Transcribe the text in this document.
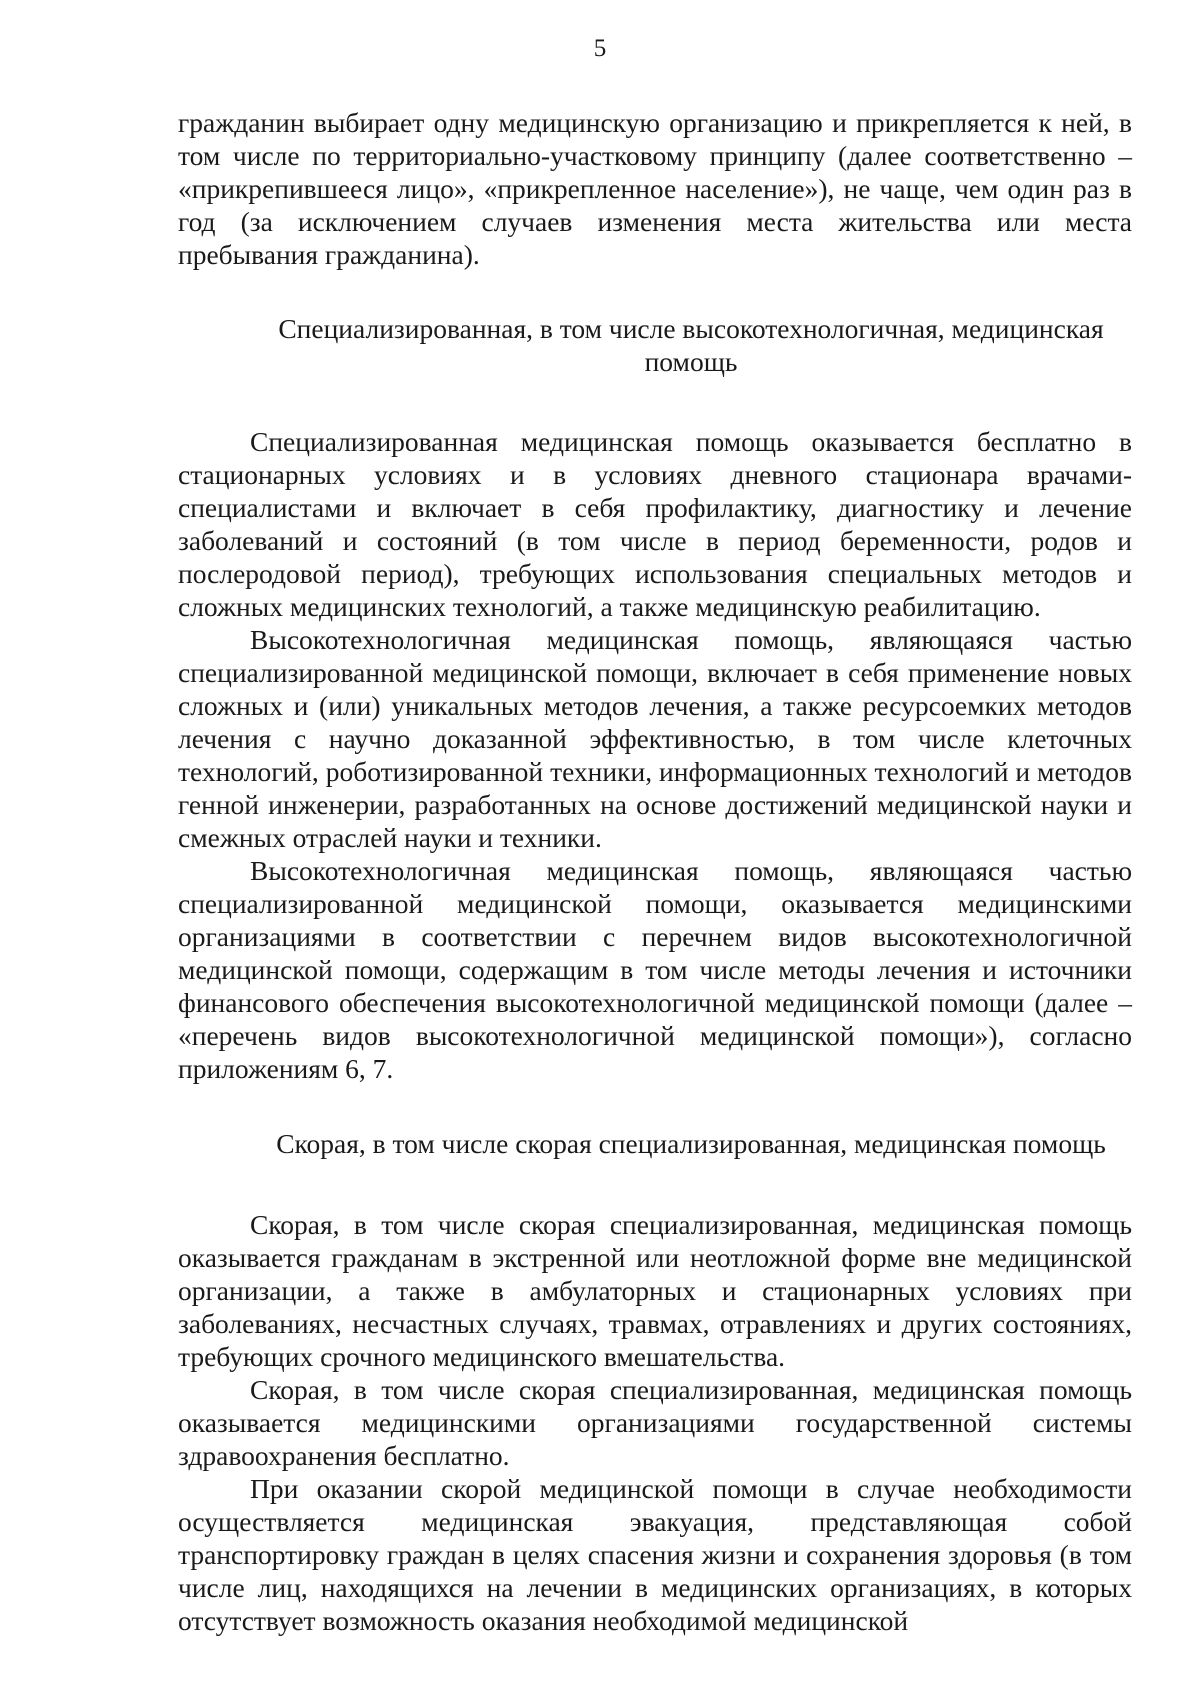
5

гражданин выбирает одну медицинскую организацию и прикрепляется к ней, в том числе по территориально-участковому принципу (далее соответственно – «прикрепившееся лицо», «прикрепленное население»), не чаще, чем один раз в год (за исключением случаев изменения места жительства или места пребывания гражданина).

Специализированная, в том числе высокотехнологичная, медицинская помощь

Специализированная медицинская помощь оказывается бесплатно в стационарных условиях и в условиях дневного стационара врачами-специалистами и включает в себя профилактику, диагностику и лечение заболеваний и состояний (в том числе в период беременности, родов и послеродовой период), требующих использования специальных методов и сложных медицинских технологий, а также медицинскую реабилитацию.

Высокотехнологичная медицинская помощь, являющаяся частью специализированной медицинской помощи, включает в себя применение новых сложных и (или) уникальных методов лечения, а также ресурсоемких методов лечения с научно доказанной эффективностью, в том числе клеточных технологий, роботизированной техники, информационных технологий и методов генной инженерии, разработанных на основе достижений медицинской науки и смежных отраслей науки и техники.

Высокотехнологичная медицинская помощь, являющаяся частью специализированной медицинской помощи, оказывается медицинскими организациями в соответствии с перечнем видов высокотехнологичной медицинской помощи, содержащим в том числе методы лечения и источники финансового обеспечения высокотехнологичной медицинской помощи (далее – «перечень видов высокотехнологичной медицинской помощи»), согласно приложениям 6, 7.

Скорая, в том числе скорая специализированная, медицинская помощь

Скорая, в том числе скорая специализированная, медицинская помощь оказывается гражданам в экстренной или неотложной форме вне медицинской организации, а также в амбулаторных и стационарных условиях при заболеваниях, несчастных случаях, травмах, отравлениях и других состояниях, требующих срочного медицинского вмешательства.

Скорая, в том числе скорая специализированная, медицинская помощь оказывается медицинскими организациями государственной системы здравоохранения бесплатно.

При оказании скорой медицинской помощи в случае необходимости осуществляется медицинская эвакуация, представляющая собой транспортировку граждан в целях спасения жизни и сохранения здоровья (в том числе лиц, находящихся на лечении в медицинских организациях, в которых отсутствует возможность оказания необходимой медицинской
